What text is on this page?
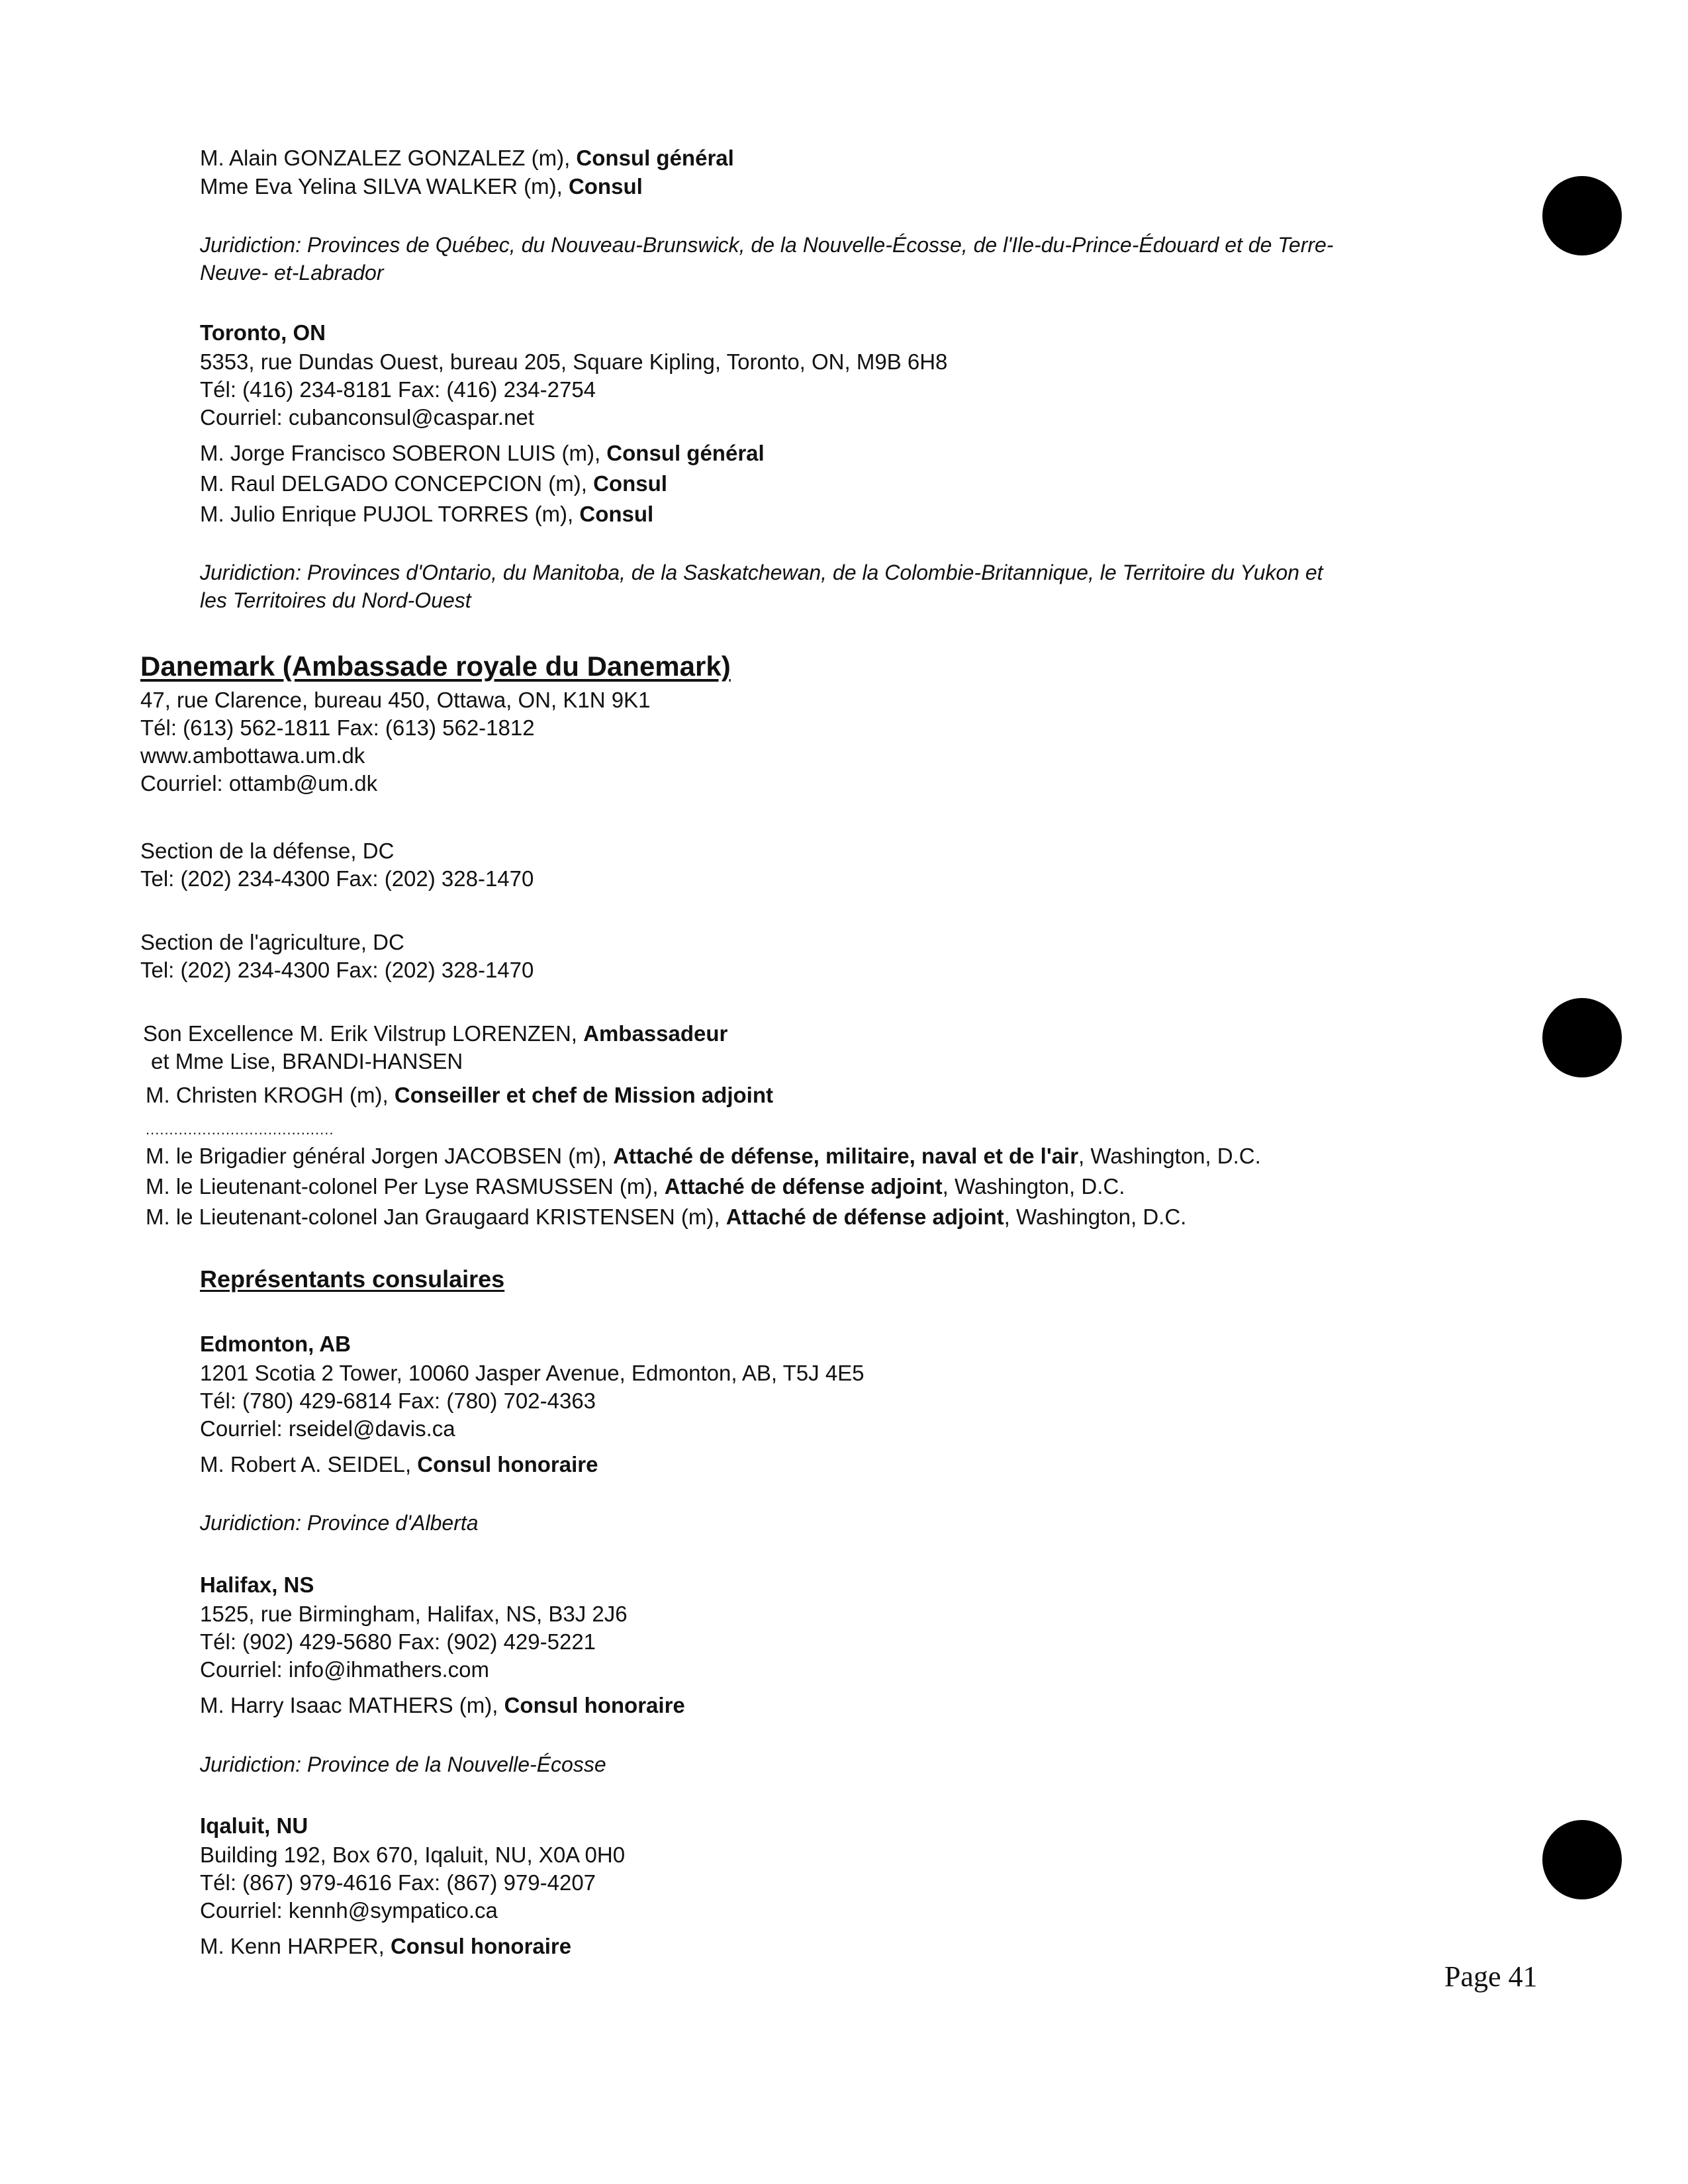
M. Alain GONZALEZ GONZALEZ (m), Consul général
Mme Eva Yelina SILVA WALKER (m), Consul
Juridiction: Provinces de Québec, du Nouveau-Brunswick, de la Nouvelle-Écosse, de l'Ile-du-Prince-Édouard et de Terre-
Neuve- et-Labrador
Toronto, ON
5353, rue Dundas Ouest, bureau 205, Square Kipling, Toronto, ON, M9B 6H8
Tél: (416) 234-8181 Fax: (416) 234-2754
Courriel: cubanconsul@caspar.net
M. Jorge Francisco SOBERON LUIS (m), Consul général
M. Raul DELGADO CONCEPCION (m), Consul
M. Julio Enrique PUJOL TORRES (m), Consul
Juridiction: Provinces d'Ontario, du Manitoba, de la Saskatchewan, de la Colombie-Britannique, le Territoire du Yukon et
les Territoires du Nord-Ouest
Danemark (Ambassade royale du Danemark)
47, rue Clarence, bureau 450, Ottawa, ON, K1N 9K1
Tél: (613) 562-1811 Fax: (613) 562-1812
www.ambottawa.um.dk
Courriel: ottamb@um.dk
Section de la défense, DC
Tel: (202) 234-4300 Fax: (202) 328-1470
Section de l'agriculture, DC
Tel: (202) 234-4300 Fax: (202) 328-1470
Son Excellence M. Erik Vilstrup LORENZEN, Ambassadeur
et Mme Lise, BRANDI-HANSEN
M. Christen KROGH (m), Conseiller et chef de Mission adjoint
........................................
M. le Brigadier général Jorgen JACOBSEN (m), Attaché de défense, militaire, naval et de l'air, Washington, D.C.
M. le Lieutenant-colonel Per Lyse RASMUSSEN (m), Attaché de défense adjoint, Washington, D.C.
M. le Lieutenant-colonel Jan Graugaard KRISTENSEN (m), Attaché de défense adjoint, Washington, D.C.
Représentants consulaires
Edmonton, AB
1201 Scotia 2 Tower, 10060 Jasper Avenue, Edmonton, AB, T5J 4E5
Tél: (780) 429-6814 Fax: (780) 702-4363
Courriel: rseidel@davis.ca
M. Robert A. SEIDEL, Consul honoraire
Juridiction: Province d'Alberta
Halifax, NS
1525, rue Birmingham, Halifax, NS, B3J 2J6
Tél: (902) 429-5680 Fax: (902) 429-5221
Courriel: info@ihmathers.com
M. Harry Isaac MATHERS (m), Consul honoraire
Juridiction: Province de la Nouvelle-Écosse
Iqaluit, NU
Building 192, Box 670, Iqaluit, NU, X0A 0H0
Tél: (867) 979-4616 Fax: (867) 979-4207
Courriel: kennh@sympatico.ca
M. Kenn HARPER, Consul honoraire
Page 41
